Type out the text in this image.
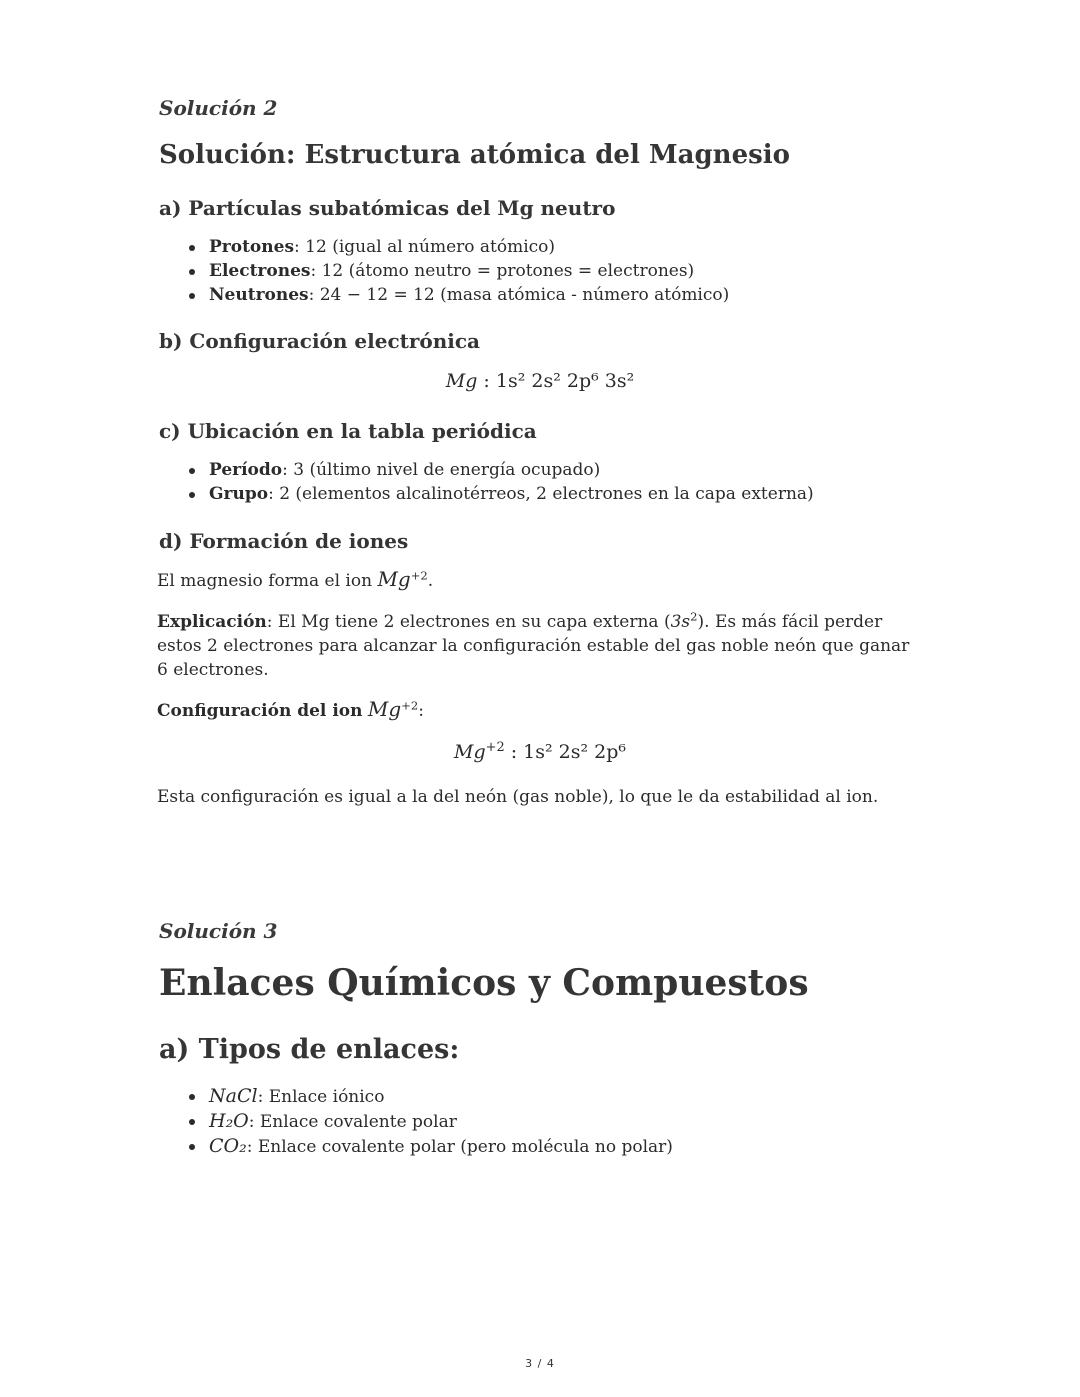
Solución 2

Solución: Estructura atómica del Magnesio

a) Partículas subatómicas del Mg neutro

Protones: 12 (igual al número atómico)
Electrones: 12 (átomo neutro = protones = electrones)
Neutrones: 24 − 12 = 12 (masa atómica - número atómico)

b) Configuración electrónica

Mg : 1s² 2s² 2p⁶ 3s²

c) Ubicación en la tabla periódica

Período: 3 (último nivel de energía ocupado)
Grupo: 2 (elementos alcalinotérreos, 2 electrones en la capa externa)

d) Formación de iones

El magnesio forma el ion $Mg^{+2}$.

Explicación: El Mg tiene 2 electrones en su capa externa $(3s^2)$. Es más fácil perder estos 2 electrones para alcanzar la configuración estable del gas noble neón que ganar 6 electrones.

Configuración del ion $Mg^{+2}$:

$Mg^{+2}$ : 1s² 2s² 2p⁶

Esta configuración es igual a la del neón (gas noble), lo que le da estabilidad al ion.

Solución 3

Enlaces Químicos y Compuestos

a) Tipos de enlaces:

NaCl: Enlace iónico
H₂O: Enlace covalente polar
CO₂: Enlace covalente polar (pero molécula no polar)
3 / 4
